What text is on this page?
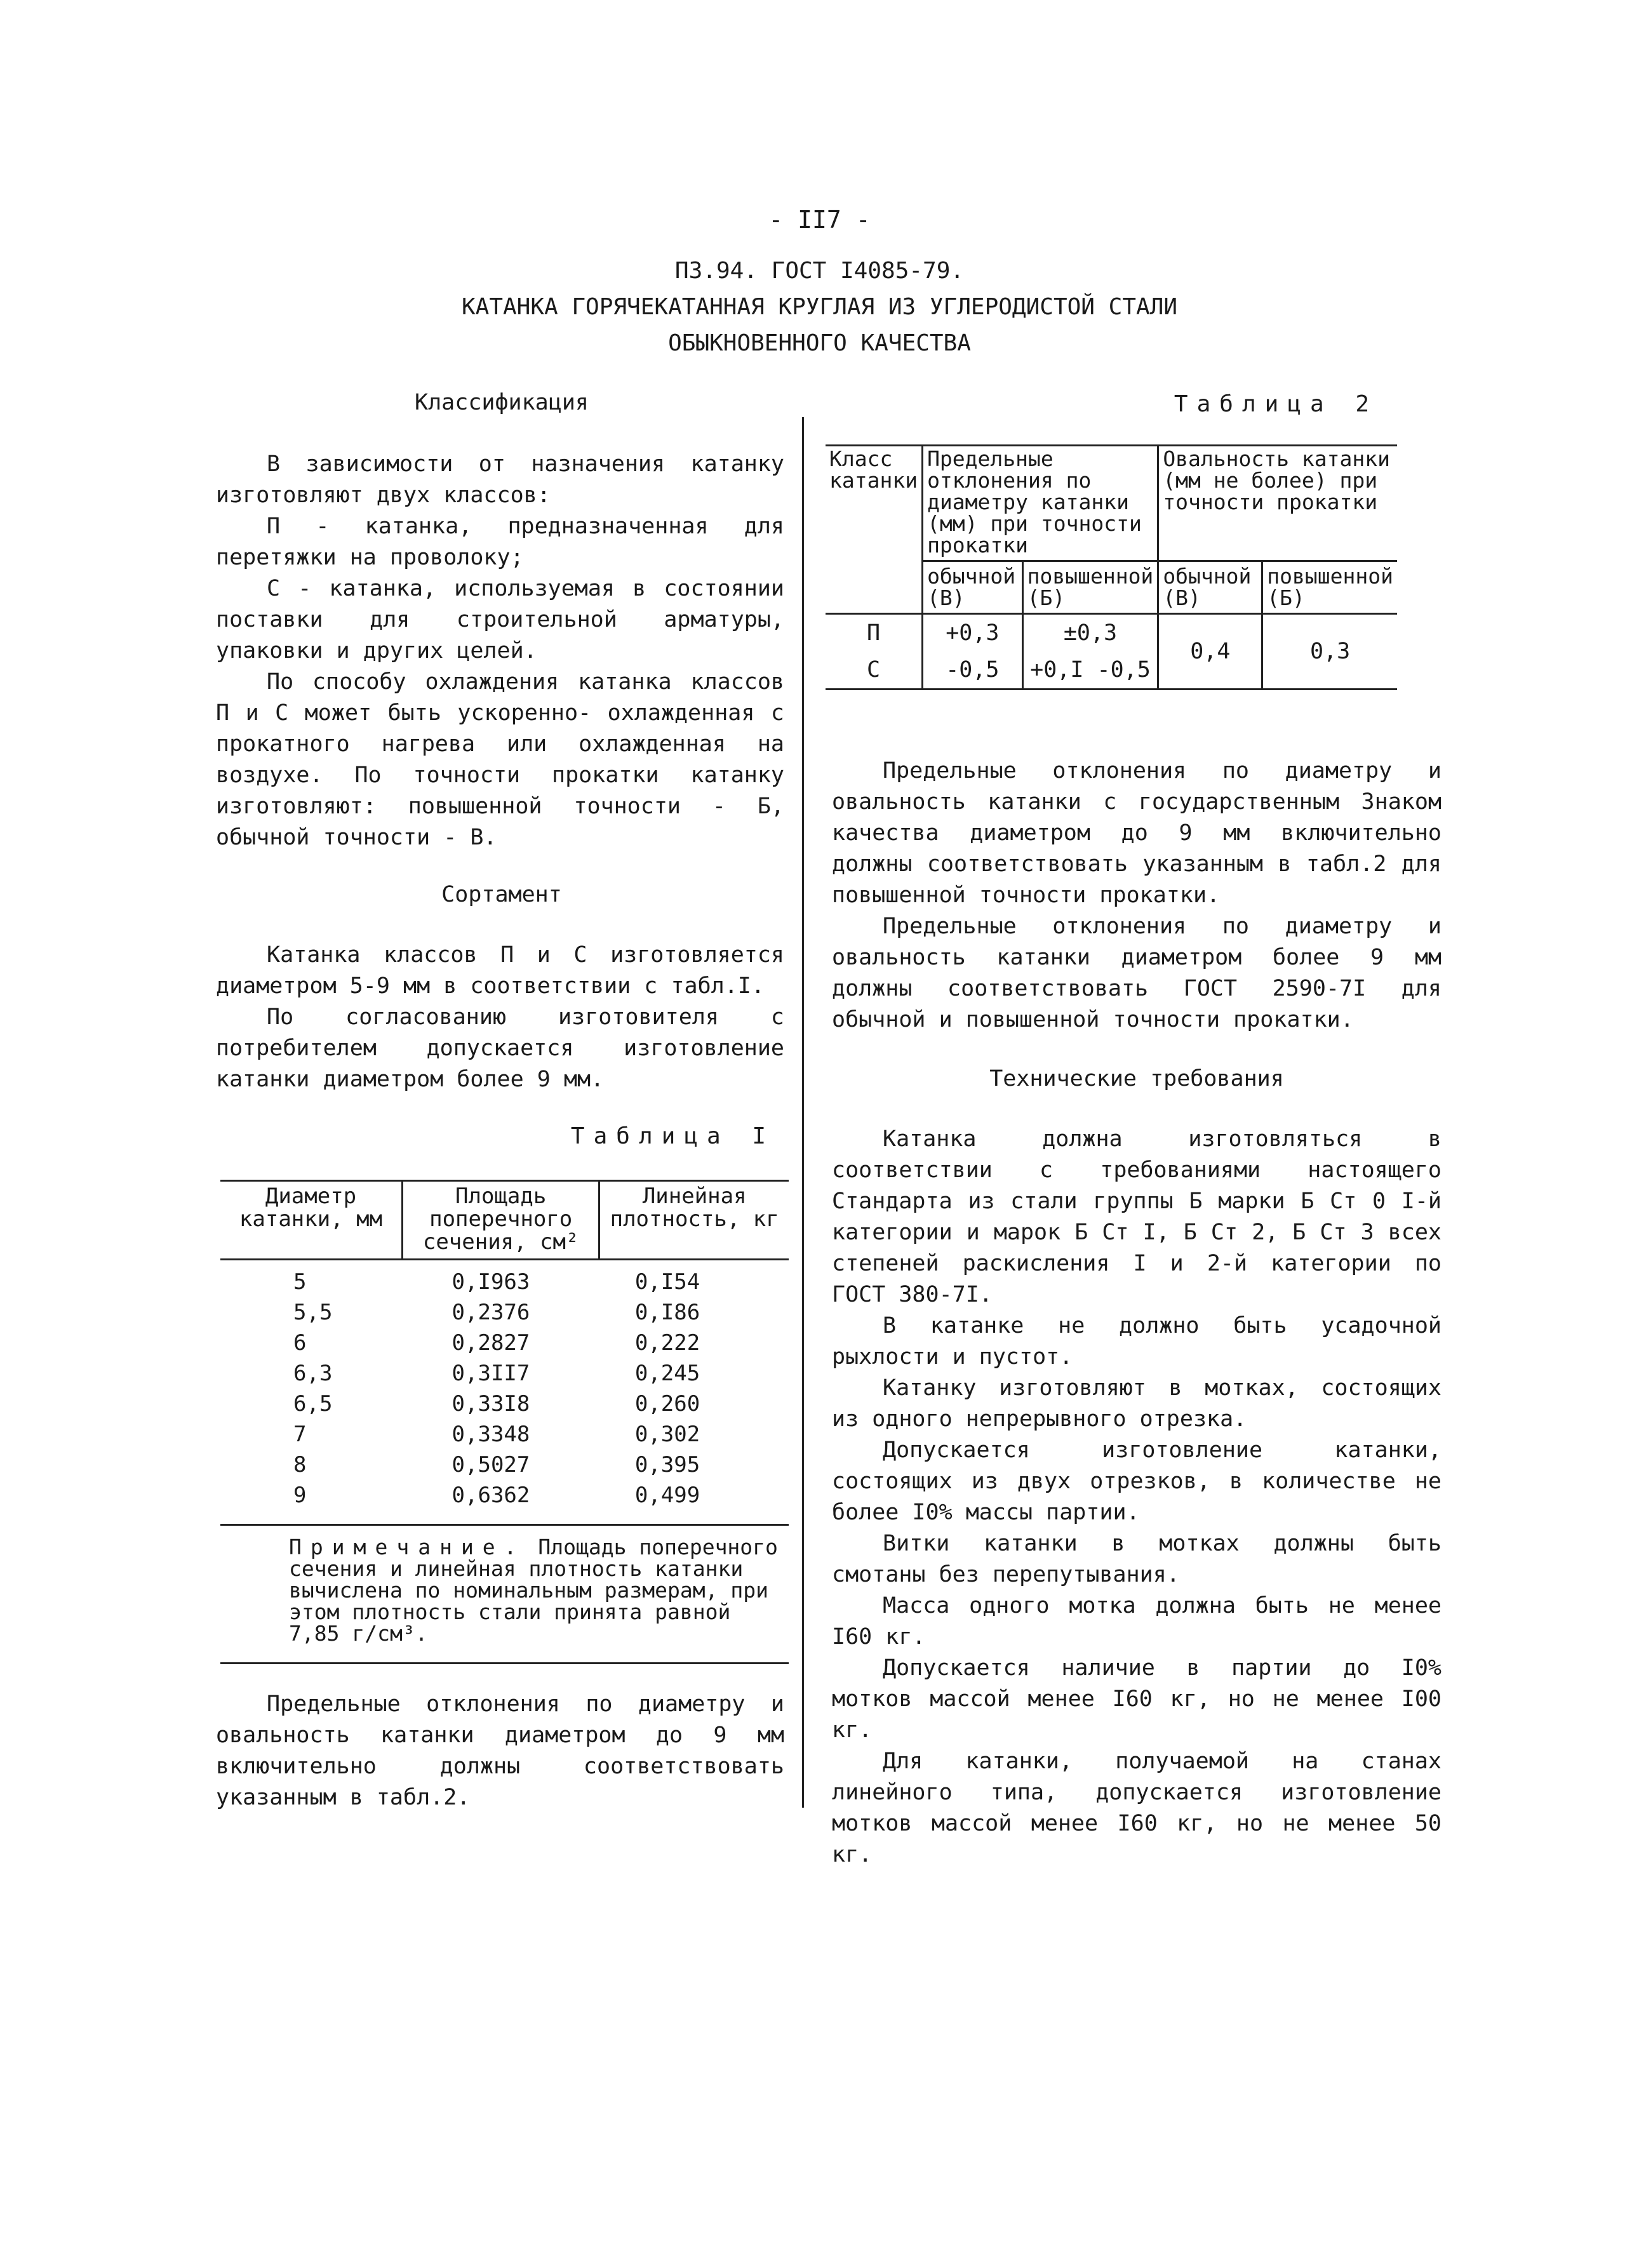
- II7 -
ПЗ.94. ГОСТ I4085-79.
КАТАНКА ГОРЯЧЕКАТАННАЯ КРУГЛАЯ ИЗ УГЛЕРОДИСТОЙ СТАЛИ
ОБЫКНОВЕННОГО КАЧЕСТВА
Классификация

В зависимости от назначения катанку изготовляют двух классов:

П - катанка, предназначенная для перетяжки на проволоку;

С - катанка, используемая в состоянии поставки для строительной арматуры, упаковки и других целей.

По способу охлаждения катанка классов П и С может быть ускоренно- охлажденная с прокатного нагрева или охлажденная на воздухе. По точности прокатки катанку изготовляют: повышенной точности - Б, обычной точности - В.

Сортамент

Катанка классов П и С изготовляется диаметром 5-9 мм в соответствии с табл.I.

По согласованию изготовителя с потребителем допускается изготовление катанки диаметром более 9 мм.

Таблица I
Диаметр катанки, мм	Площадь поперечного сечения, см²	Линейная плотность, кг
5	0,I963	0,I54
5,5	0,2376	0,I86
6	0,2827	0,222
6,3	0,3II7	0,245
6,5	0,33I8	0,260
7	0,3348	0,302
8	0,5027	0,395
9	0,6362	0,499
Примечание. Площадь поперечного сечения и линейная плотность катанки вычислена по номинальным размерам, при этом плотность стали принята равной 7,85 г/см³.

Предельные отклонения по диаметру и овальность катанки диаметром до 9 мм включительно должны соответствовать указанным в табл.2.

Таблица 2
Класс катанки	Предельные отклонения по диаметру катанки (мм) при точности прокатки		Овальность катанки (мм не более) при точности прокатки	
	обычной (В)	повышенной (Б)	обычной (В)	повышенной (Б)
П	+0,3	±0,3	0,4	0,3
С	-0,5	+0,I -0,5		

Предельные отклонения по диаметру и овальность катанки с государственным Знаком качества диаметром до 9 мм включительно должны соответствовать указанным в табл.2 для повышенной точности прокатки.

Предельные отклонения по диаметру и овальность катанки диаметром более 9 мм должны соответствовать ГОСТ 2590-7I для обычной и повышенной точности прокатки.

Технические требования

Катанка должна изготовляться в соответствии с требованиями настоящего Стандарта из стали группы Б марки Б Ст 0 I-й категории и марок Б Ст I, Б Ст 2, Б Ст 3 всех степеней раскисления I и 2-й категории по ГОСТ 380-7I.

В катанке не должно быть усадочной рыхлости и пустот.

Катанку изготовляют в мотках, состоящих из одного непрерывного отрезка.

Допускается изготовление катанки, состоящих из двух отрезков, в количестве не более I0% массы партии.

Витки катанки в мотках должны быть смотаны без перепутывания.

Масса одного мотка должна быть не менее I60 кг.

Допускается наличие в партии до I0% мотков массой менее I60 кг, но не менее I00 кг.

Для катанки, получаемой на станах линейного типа, допускается изготовление мотков массой менее I60 кг, но не менее 50 кг.
